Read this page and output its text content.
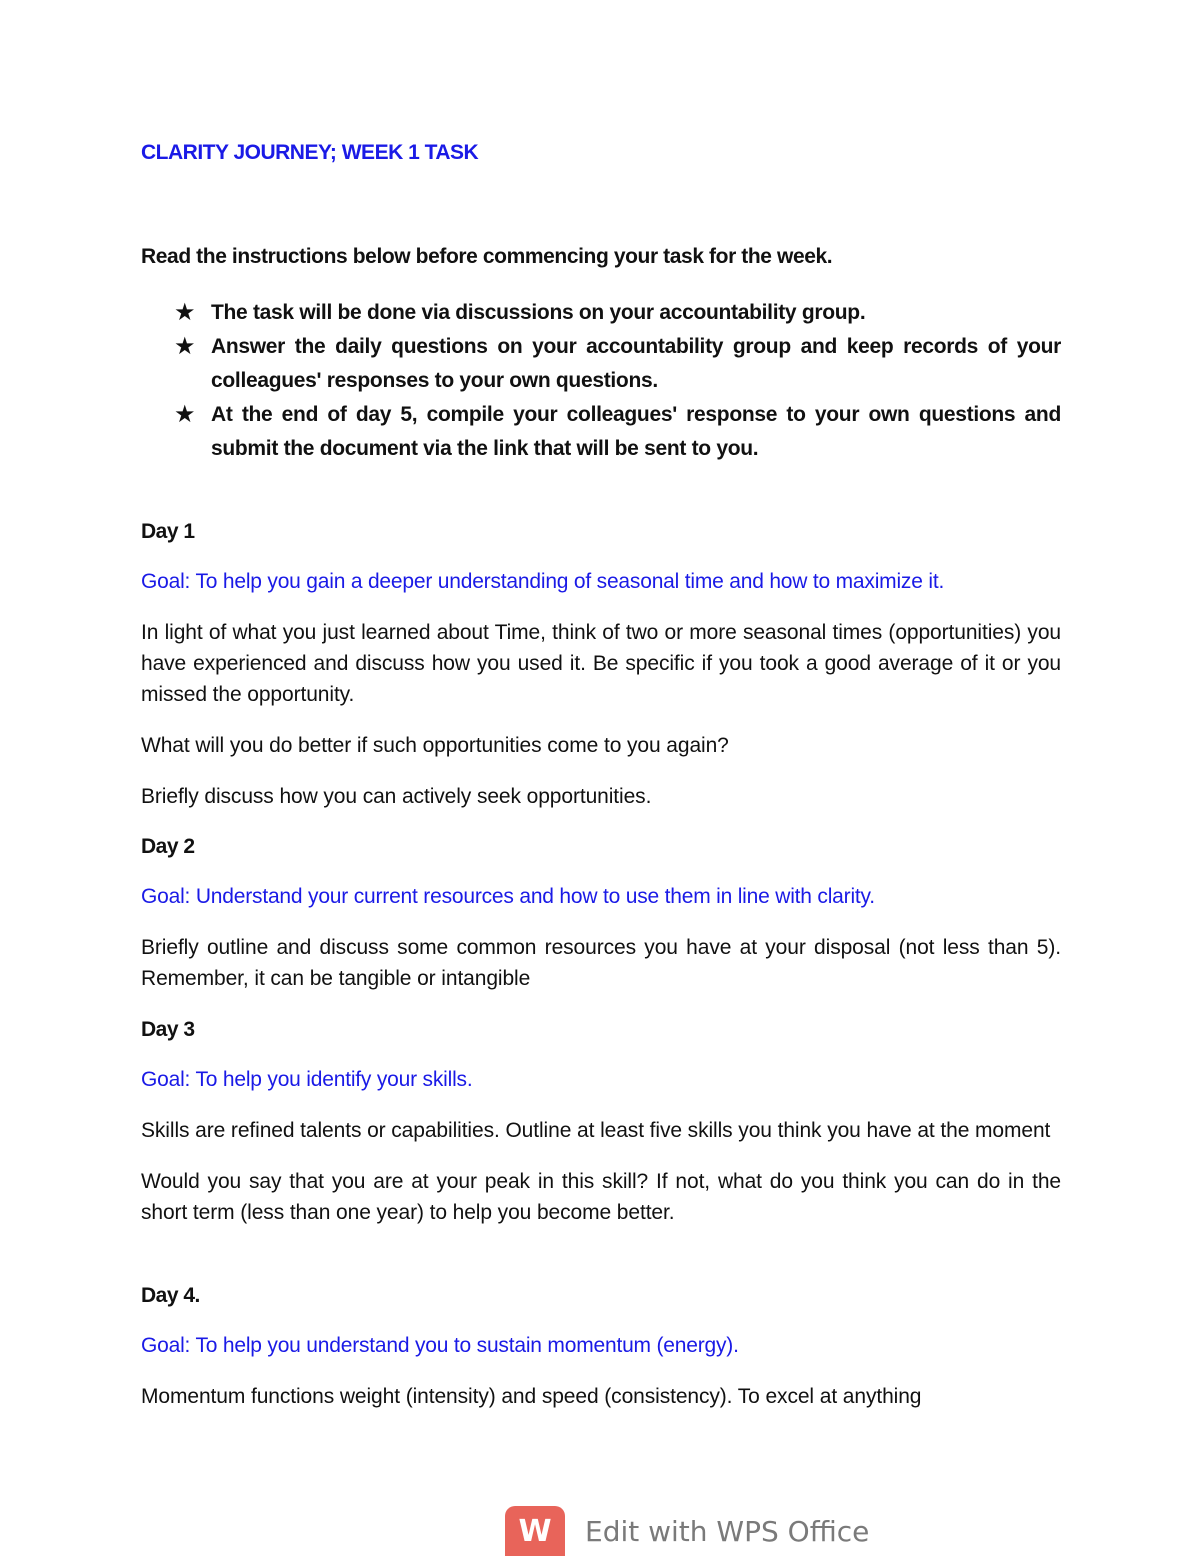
CLARITY JOURNEY; WEEK 1 TASK

Read the instructions below before commencing your task for the week.

★ The task will be done via discussions on your accountability group.
★ Answer the daily questions on your accountability group and keep records of your colleagues' responses to your own questions.
★ At the end of day 5, compile your colleagues' response to your own questions and submit the document via the link that will be sent to you.
Day 1

Goal: To help you gain a deeper understanding of seasonal time and how to maximize it.

In light of what you just learned about Time, think of two or more seasonal times (opportunities) you have experienced and discuss how you used it. Be specific if you took a good average of it or you missed the opportunity.

What will you do better if such opportunities come to you again?

Briefly discuss how you can actively seek opportunities.

Day 2

Goal: Understand your current resources and how to use them in line with clarity.

Briefly outline and discuss some common resources you have at your disposal (not less than 5). Remember, it can be tangible or intangible

Day 3

Goal: To help you identify your skills.

Skills are refined talents or capabilities. Outline at least five skills you think you have at the moment

Would you say that you are at your peak in this skill? If not, what do you think you can do in the short term (less than one year) to help you become better.

Day 4.

Goal: To help you understand you to sustain momentum (energy).

Momentum functions weight (intensity) and speed (consistency). To excel at anything

W	Edit with WPS Office
